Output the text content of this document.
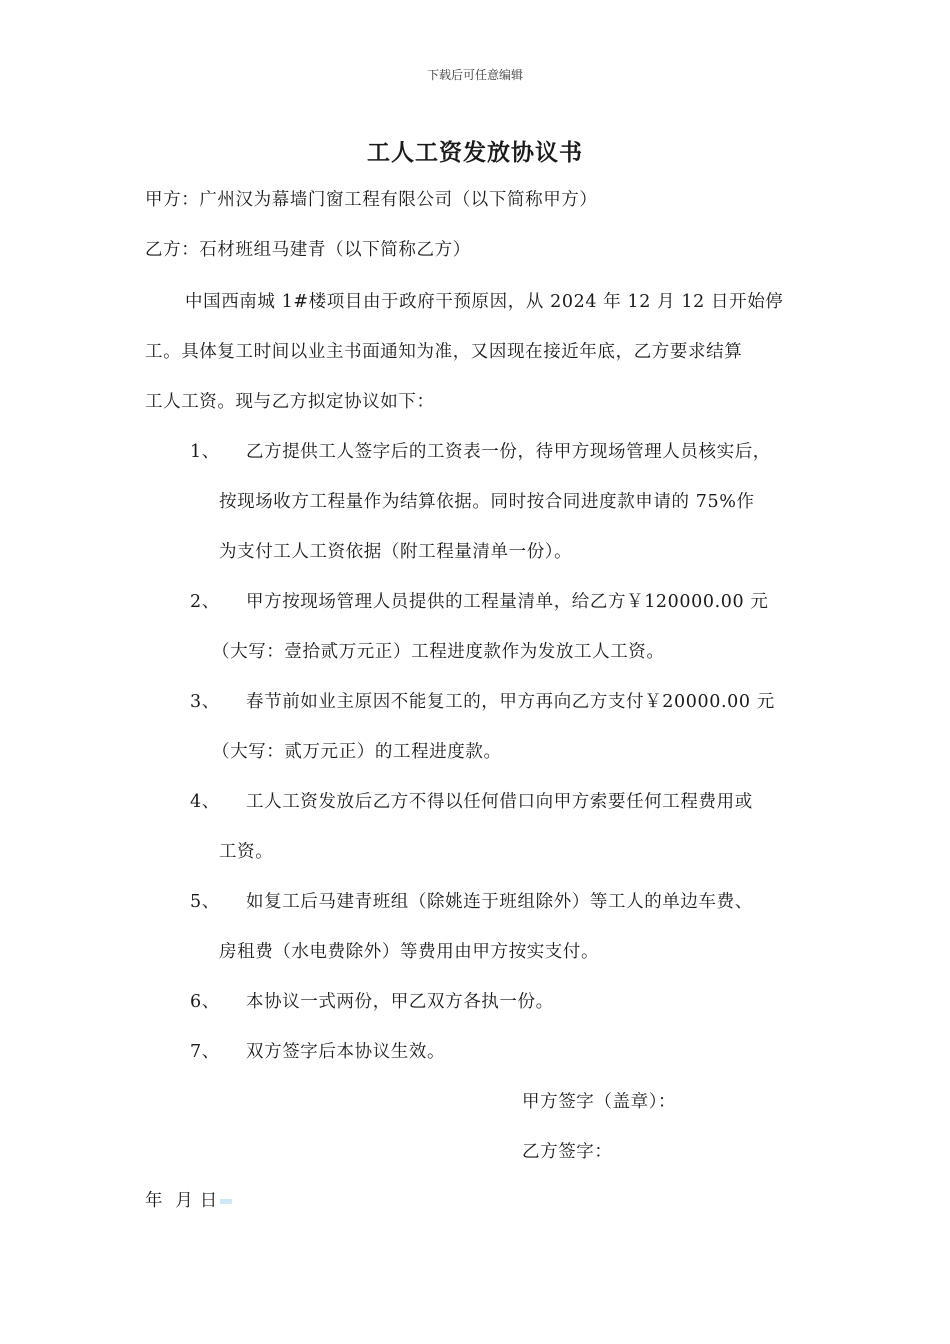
下载后可任意编辑
工人工资发放协议书
甲方：广州汉为幕墙门窗工程有限公司（以下简称甲方）
乙方：石材班组马建青（以下简称乙方）
中国西南城 1#楼项目由于政府干预原因，从 2024 年 12 月 12 日开始停
工。具体复工时间以业主书面通知为准，又因现在接近年底，乙方要求结算
工人工资。现与乙方拟定协议如下：
1、	乙方提供工人签字后的工资表一份，待甲方现场管理人员核实后，
按现场收方工程量作为结算依据。同时按合同进度款申请的 75%作
为支付工人工资依据（附工程量清单一份）。
2、	甲方按现场管理人员提供的工程量清单，给乙方￥120000.00 元
（大写：壹拾贰万元正）工程进度款作为发放工人工资。
3、	春节前如业主原因不能复工的，甲方再向乙方支付￥20000.00 元
（大写：贰万元正）的工程进度款。
4、	工人工资发放后乙方不得以任何借口向甲方索要任何工程费用或
工资。
5、	如复工后马建青班组（除姚连于班组除外）等工人的单边车费、
房租费（水电费除外）等费用由甲方按实支付。
6、	本协议一式两份，甲乙双方各执一份。
7、	双方签字后本协议生效。
甲方签字（盖章）：
乙方签字：
年  月 日
